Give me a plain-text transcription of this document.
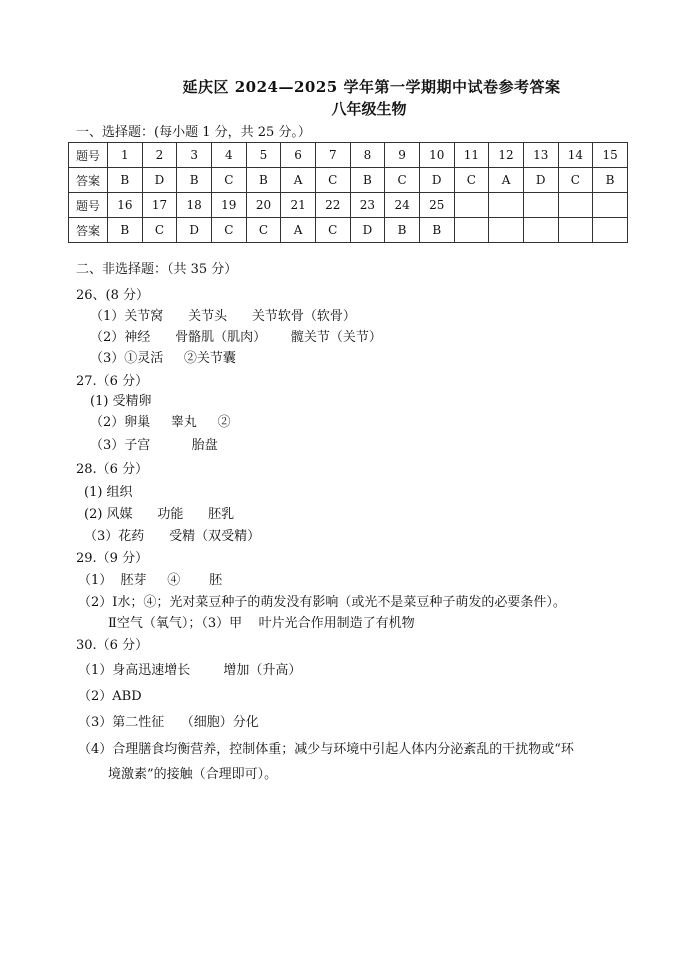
延庆区 2024—2025 学年第一学期期中试卷参考答案
八年级生物
一、选择题：(每小题 1 分，共 25 分。）
题号	1	2	3	4	5	6	7	8	9	10	11	12	13	14	15
答案	B	D	B	C	B	A	C	B	C	D	C	A	D	C	B
题号	16	17	18	19	20	21	22	23	24	25					
答案	B	C	D	C	C	A	C	D	B	B					
二、非选择题：（共 35 分）
26、(8 分）
（1）关节窝      关节头      关节软骨（软骨）
（2）神经      骨骼肌（肌肉）      髋关节（关节）
（3）①灵活     ②关节囊
27.（6 分）
(1) 受精卵
（2）卵巢     睾丸     ②
（3）子宫          胎盘
28.（6 分）
(1) 组织
(2) 风媒      功能      胚乳
（3）花药      受精（双受精）
29.（9 分）
（1）  胚芽     ④       胚
（2）Ⅰ水；④；光对菜豆种子的萌发没有影响（或光不是菜豆种子萌发的必要条件）。
Ⅱ空气（氧气）；（3）甲    叶片光合作用制造了有机物
30.（6 分）
（1）身高迅速增长        增加（升高）
（2）ABD
（3）第二性征    （细胞）分化
（4）合理膳食均衡营养，控制体重；减少与环境中引起人体内分泌紊乱的干扰物或“环
境激素”的接触（合理即可）。
